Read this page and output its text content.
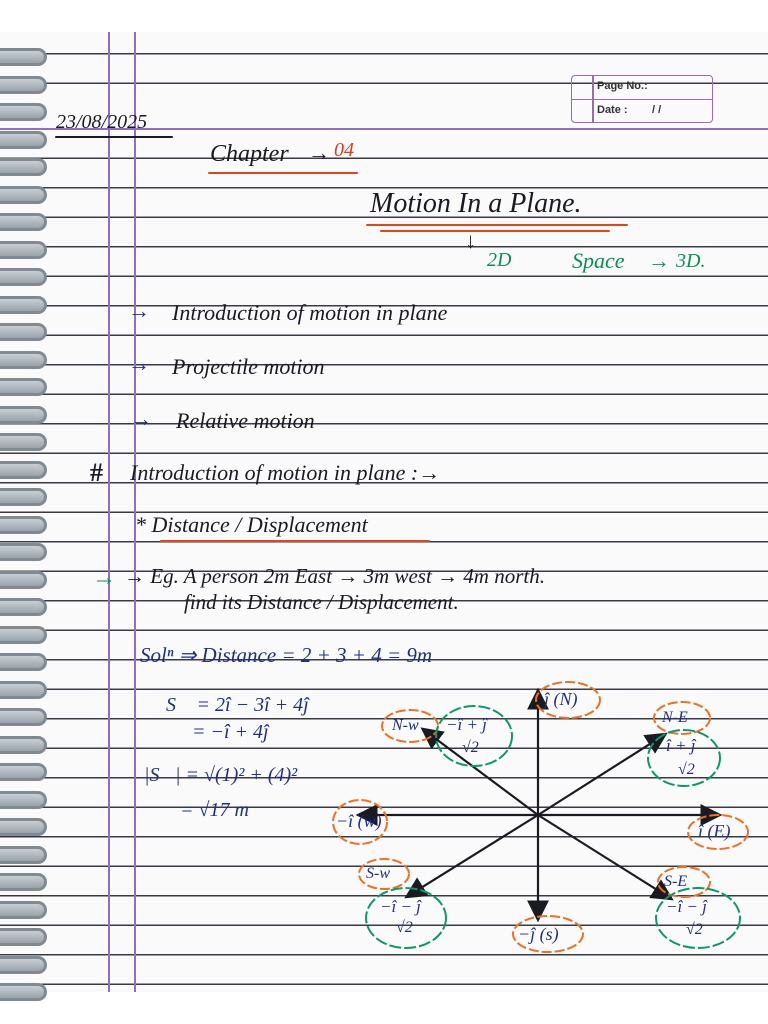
Page No.:
Date : / /
23/08/2025
Chapter → 04
Motion In a Plane.
↓
2D	Space → 3D.
→ Introduction of motion in plane
→ Projectile motion
→ Relative motion
# Introduction of motion in plane :→
* Distance / Displacement
→ → Eg. A person 2m East → 3m west → 4m north.
find its Distance / Displacement.
Solⁿ ⇒ Distance = 2 + 3 + 4 = 9m
S⃗ = 2î − 3î + 4ĵ
= −î + 4ĵ
|S⃗| = √(1)² + (4)²
= √17 m
ĵ (N)
î (E)
−î (w)
−ĵ (s)
N-E
î + ĵ
√2
N-w −î + ĵ
√2
S-w
−î − ĵ
√2
S-E
−î − ĵ
√2
